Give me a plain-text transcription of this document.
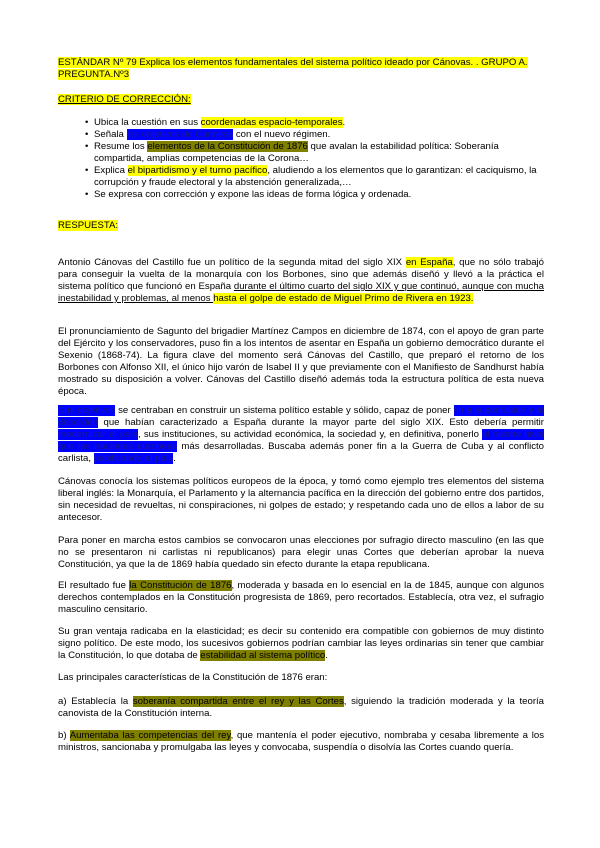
ESTÁNDAR Nº 79 Explica los elementos fundamentales del sistema político ideado por Cánovas. . GRUPO A. PREGUNTA.Nº3
CRITERIO DE CORRECCIÓN:
• Ubica la cuestión en sus coordenadas espacio-temporales.
• Señala los objetivos de Cánovas con el nuevo régimen.
• Resume los elementos de la Constitución de 1876 que avalan la estabilidad política: Soberanía compartida, amplias competencias de la Corona…
• Explica el bipartidismo y el turno pacífico, aludiendo a los elementos que lo garantizan: el caciquismo, la corrupción y fraude electoral y la abstención generalizada,…
• Se expresa con corrección y expone las ideas de forma lógica y ordenada.
RESPUESTA:
Antonio Cánovas del Castillo fue un político de la segunda mitad del siglo XIX en España, que no sólo trabajó para conseguir la vuelta de la monarquía con los Borbones, sino que además diseñó y llevó a la práctica el sistema político que funcionó en España durante el último cuarto del siglo XIX y que continuó, aunque con mucha inestabilidad y problemas, al menos hasta el golpe de estado de Miguel Primo de Rivera en 1923.
El pronunciamiento de Sagunto del brigadier Martínez Campos en diciembre de 1874, con el apoyo de gran parte del Ejército y los conservadores, puso fin a los intentos de asentar en España un gobierno democrático durante el Sexenio (1868-74). La figura clave del momento será Cánovas del Castillo, que preparó el retorno de los Borbones con Alfonso XII, el único hijo varón de Isabel II y que previamente con el Manifiesto de Sandhurst había mostrado su disposición a volver. Cánovas del Castillo diseñó además toda la estructura política de esta nueva época.
Sus objetivos se centraban en construir un sistema político estable y sólido, capaz de poner fin a la confusión y al desorden que habían caracterizado a España durante la mayor parte del siglo XIX. Esto debería permitir modernizar el país, sus instituciones, su actividad económica, la sociedad y, en definitiva, ponerlo al mismo nivel que las naciones europeas más desarrolladas. Buscaba además poner fin a la Guerra de Cuba y al conflicto carlista, pacificando el país.
Cánovas conocía los sistemas políticos europeos de la época, y tomó como ejemplo tres elementos del sistema liberal inglés: la Monarquía, el Parlamento y la alternancia pacífica en la dirección del gobierno entre dos partidos, sin necesidad de revueltas, ni conspiraciones, ni golpes de estado; y respetando cada uno de ellos a labor de su antecesor.
Para poner en marcha estos cambios se convocaron unas elecciones por sufragio directo masculino (en las que no se presentaron ni carlistas ni republicanos) para elegir unas Cortes que deberían aprobar la nueva Constitución, ya que la de 1869 había quedado sin efecto durante la etapa republicana.
El resultado fue la Constitución de 1876, moderada y basada en lo esencial en la de 1845, aunque con algunos derechos contemplados en la Constitución progresista de 1869, pero recortados. Establecía, otra vez, el sufragio masculino censitario.
Su gran ventaja radicaba en la elasticidad; es decir su contenido era compatible con gobiernos de muy distinto signo político. De este modo, los sucesivos gobiernos podrían cambiar las leyes ordinarias sin tener que cambiar la Constitución, lo que dotaba de estabilidad al sistema político.
Las principales características de la Constitución de 1876 eran:
a) Establecía la soberanía compartida entre el rey y las Cortes, siguiendo la tradición moderada y la teoría canovista de la Constitución interna.
b) Aumentaba las competencias del rey, que mantenía el poder ejecutivo, nombraba y cesaba libremente a los ministros, sancionaba y promulgaba las leyes y convocaba, suspendía o disolvía las Cortes cuando quería.
